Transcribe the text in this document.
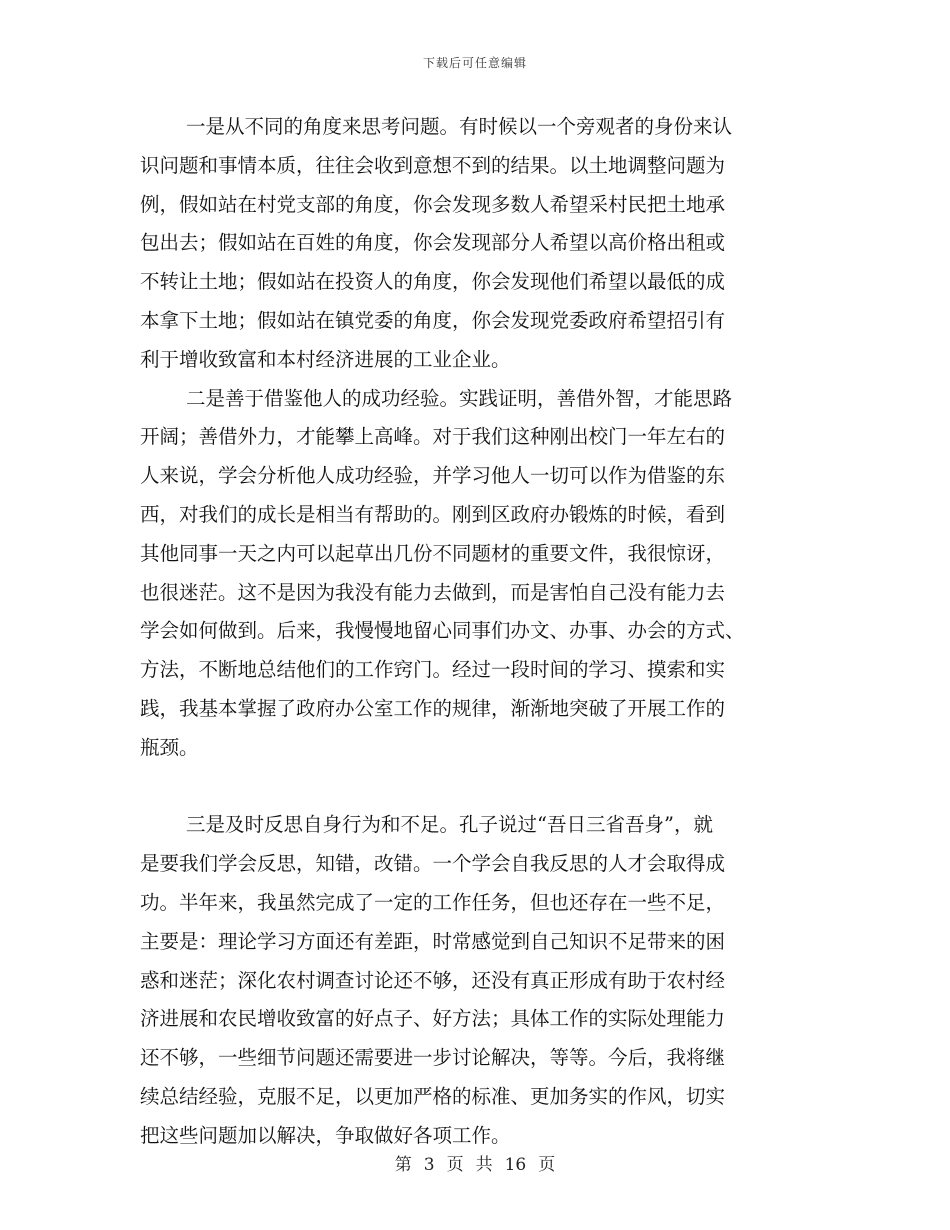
下载后可任意编辑
一是从不同的角度来思考问题。有时候以一个旁观者的身份来认
识问题和事情本质，往往会收到意想不到的结果。以土地调整问题为
例，假如站在村党支部的角度，你会发现多数人希望采村民把土地承
包出去；假如站在百姓的角度，你会发现部分人希望以高价格出租或
不转让土地；假如站在投资人的角度，你会发现他们希望以最低的成
本拿下土地；假如站在镇党委的角度，你会发现党委政府希望招引有
利于增收致富和本村经济进展的工业企业。
二是善于借鉴他人的成功经验。实践证明，善借外智，才能思路
开阔；善借外力，才能攀上高峰。对于我们这种刚出校门一年左右的
人来说，学会分析他人成功经验，并学习他人一切可以作为借鉴的东
西，对我们的成长是相当有帮助的。刚到区政府办锻炼的时候，看到
其他同事一天之内可以起草出几份不同题材的重要文件，我很惊讶，
也很迷茫。这不是因为我没有能力去做到，而是害怕自己没有能力去
学会如何做到。后来，我慢慢地留心同事们办文、办事、办会的方式、
方法，不断地总结他们的工作窍门。经过一段时间的学习、摸索和实
践，我基本掌握了政府办公室工作的规律，渐渐地突破了开展工作的
瓶颈。
三是及时反思自身行为和不足。孔子说过“吾日三省吾身”，就
是要我们学会反思，知错，改错。一个学会自我反思的人才会取得成
功。半年来，我虽然完成了一定的工作任务，但也还存在一些不足，
主要是：理论学习方面还有差距，时常感觉到自己知识不足带来的困
惑和迷茫；深化农村调查讨论还不够，还没有真正形成有助于农村经
济进展和农民增收致富的好点子、好方法；具体工作的实际处理能力
还不够，一些细节问题还需要进一步讨论解决，等等。今后，我将继
续总结经验，克服不足，以更加严格的标准、更加务实的作风，切实
把这些问题加以解决，争取做好各项工作。
第 3 页 共 16 页
